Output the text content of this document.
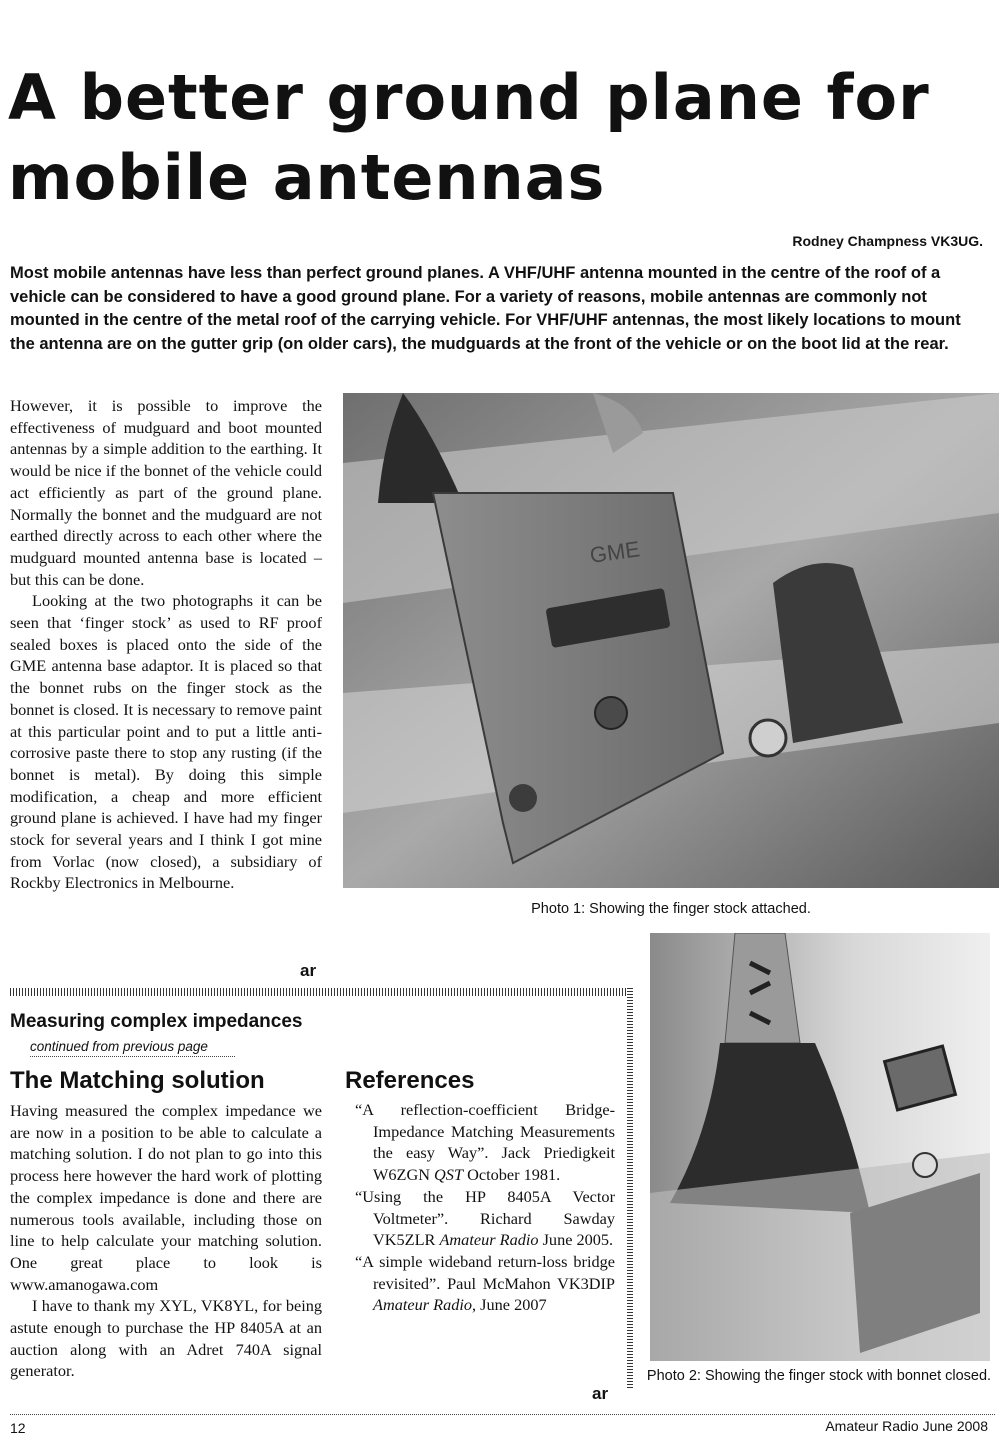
A better ground plane for
mobile antennas
Rodney Champness VK3UG.
Most mobile antennas have less than perfect ground planes. A VHF/UHF antenna mounted in the centre of the roof of a vehicle can be considered to have a good ground plane. For a variety of reasons, mobile antennas are commonly not mounted in the centre of the metal roof of the carrying vehicle. For VHF/UHF antennas, the most likely locations to mount the antenna are on the gutter grip (on older cars), the mudguards at the front of the vehicle or on the boot lid at the rear.

However, it is possible to improve the effectiveness of mudguard and boot mounted antennas by a simple addition to the earthing. It would be nice if the bonnet of the vehicle could act efficiently as part of the ground plane. Normally the bonnet and the mudguard are not earthed directly across to each other where the mudguard mounted antenna base is located – but this can be done.

Looking at the two photographs it can be seen that ‘finger stock’ as used to RF proof sealed boxes is placed onto the side of the GME antenna base adaptor. It is placed so that the bonnet rubs on the finger stock as the bonnet is closed. It is necessary to remove paint at this particular point and to put a little anti-corrosive paste there to stop any rusting (if the bonnet is metal). By doing this simple modification, a cheap and more efficient ground plane is achieved. I have had my finger stock for several years and I think I got mine from Vorlac (now closed), a subsidiary of Rockby Electronics in Melbourne.

ar
GME
Photo 1: Showing the finger stock attached.
Photo 2: Showing the finger stock with bonnet closed.
Measuring complex impedances
continued from previous page
The Matching solution

Having measured the complex impedance we are now in a position to be able to calculate a matching solution. I do not plan to go into this process here however the hard work of plotting the complex impedance is done and there are numerous tools available, including those on line to help calculate your matching solution. One great place to look is www.amanogawa.com

I have to thank my XYL, VK8YL, for being astute enough to purchase the HP 8405A at an auction along with an Adret 740A signal generator.

References

“A reflection-coefficient Bridge-Impedance Matching Measurements the easy Way”. Jack Priedigkeit W6ZGN QST October 1981.

“Using the HP 8405A Vector Voltmeter”. Richard Sawday VK5ZLR Amateur Radio June 2005.

“A simple wideband return-loss bridge revisited”. Paul McMahon VK3DIP Amateur Radio, June 2007

ar
12	Amateur Radio June 2008
